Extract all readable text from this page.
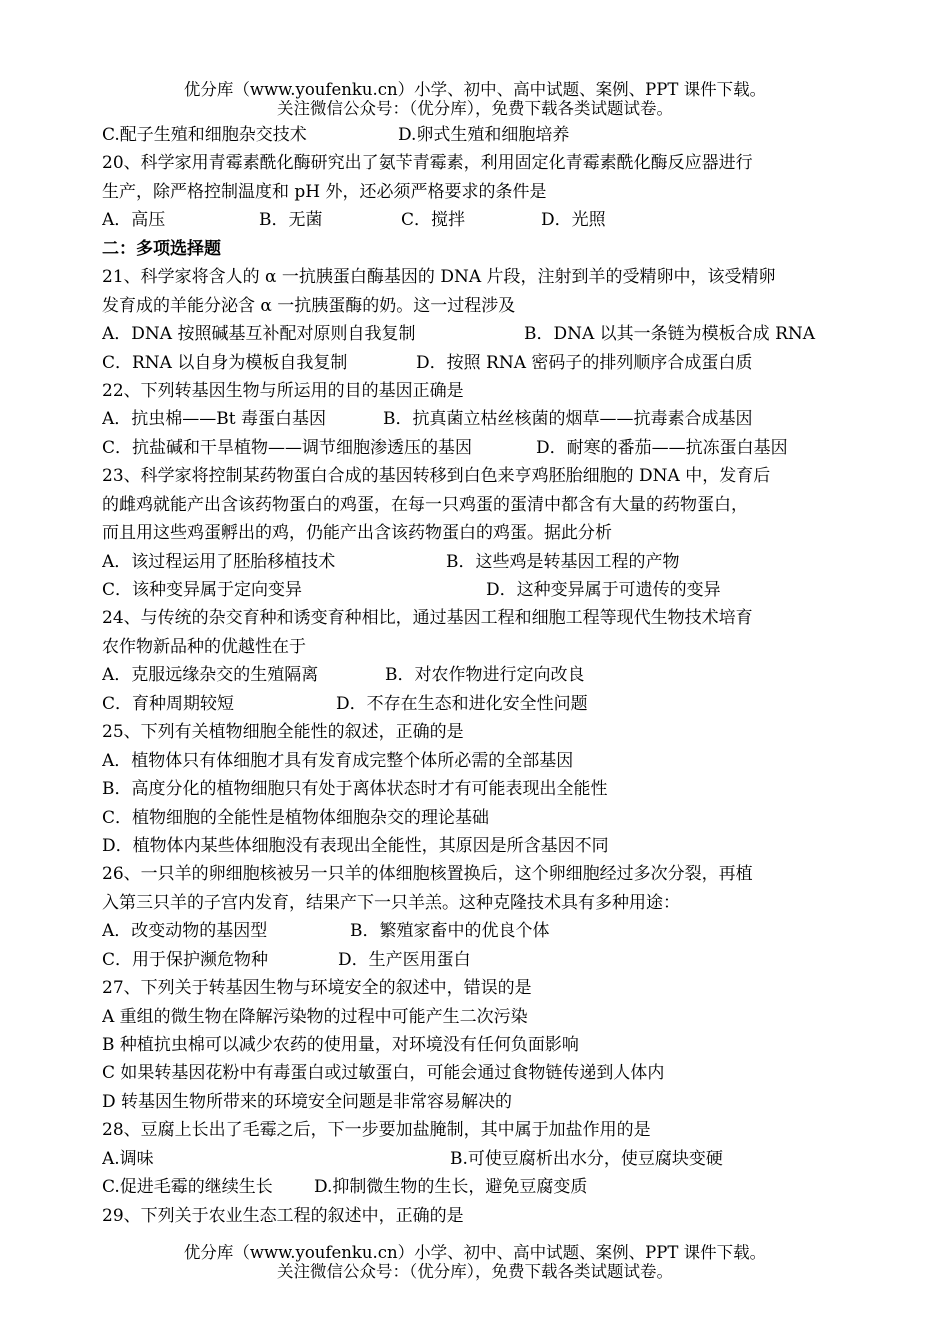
优分库（www.youfenku.cn）小学、初中、高中试题、案例、PPT 课件下载。
关注微信公众号：（优分库），免费下载各类试题试卷。
C.配子生殖和细胞杂交技术	D.卵式生殖和细胞培养
20、科学家用青霉素酰化酶研究出了氨苄青霉素，利用固定化青霉素酰化酶反应器进行
生产，除严格控制温度和 pH 外，还必须严格要求的条件是
A．高压	B．无菌	C．搅拌	D．光照
二：多项选择题
21、科学家将含人的 α 一抗胰蛋白酶基因的 DNA 片段，注射到羊的受精卵中，该受精卵
发育成的羊能分泌含 α 一抗胰蛋酶的奶。这一过程涉及
A．DNA 按照碱基互补配对原则自我复制	B．DNA 以其一条链为模板合成 RNA
C．RNA 以自身为模板自我复制	D．按照 RNA 密码子的排列顺序合成蛋白质
22、下列转基因生物与所运用的目的基因正确是
A．抗虫棉——Bt 毒蛋白基因	B．抗真菌立枯丝核菌的烟草——抗毒素合成基因
C．抗盐碱和干旱植物——调节细胞渗透压的基因	D．耐寒的番茄——抗冻蛋白基因
23、科学家将控制某药物蛋白合成的基因转移到白色来亨鸡胚胎细胞的 DNA 中，发育后
的雌鸡就能产出含该药物蛋白的鸡蛋，在每一只鸡蛋的蛋清中都含有大量的药物蛋白，
而且用这些鸡蛋孵出的鸡，仍能产出含该药物蛋白的鸡蛋。据此分析
A．该过程运用了胚胎移植技术	B．这些鸡是转基因工程的产物
C．该种变异属于定向变异	D．这种变异属于可遗传的变异
24、与传统的杂交育种和诱变育种相比，通过基因工程和细胞工程等现代生物技术培育
农作物新品种的优越性在于
A．克服远缘杂交的生殖隔离	B．对农作物进行定向改良
C．育种周期较短	D．不存在生态和进化安全性问题
25、下列有关植物细胞全能性的叙述，正确的是
A．植物体只有体细胞才具有发育成完整个体所必需的全部基因
B．高度分化的植物细胞只有处于离体状态时才有可能表现出全能性
C．植物细胞的全能性是植物体细胞杂交的理论基础
D．植物体内某些体细胞没有表现出全能性，其原因是所含基因不同
26、一只羊的卵细胞核被另一只羊的体细胞核置换后，这个卵细胞经过多次分裂，再植
入第三只羊的子宫内发育，结果产下一只羊羔。这种克隆技术具有多种用途：
A．改变动物的基因型	B．繁殖家畜中的优良个体
C．用于保护濒危物种	D．生产医用蛋白
27、下列关于转基因生物与环境安全的叙述中，错误的是
A 重组的微生物在降解污染物的过程中可能产生二次污染
B 种植抗虫棉可以减少农药的使用量，对环境没有任何负面影响
C 如果转基因花粉中有毒蛋白或过敏蛋白，可能会通过食物链传递到人体内
D 转基因生物所带来的环境安全问题是非常容易解决的
28、豆腐上长出了毛霉之后，下一步要加盐腌制，其中属于加盐作用的是
A.调味	B.可使豆腐析出水分，使豆腐块变硬
C.促进毛霉的继续生长	D.抑制微生物的生长，避免豆腐变质
29、下列关于农业生态工程的叙述中，正确的是
优分库（www.youfenku.cn）小学、初中、高中试题、案例、PPT 课件下载。
关注微信公众号：（优分库），免费下载各类试题试卷。
